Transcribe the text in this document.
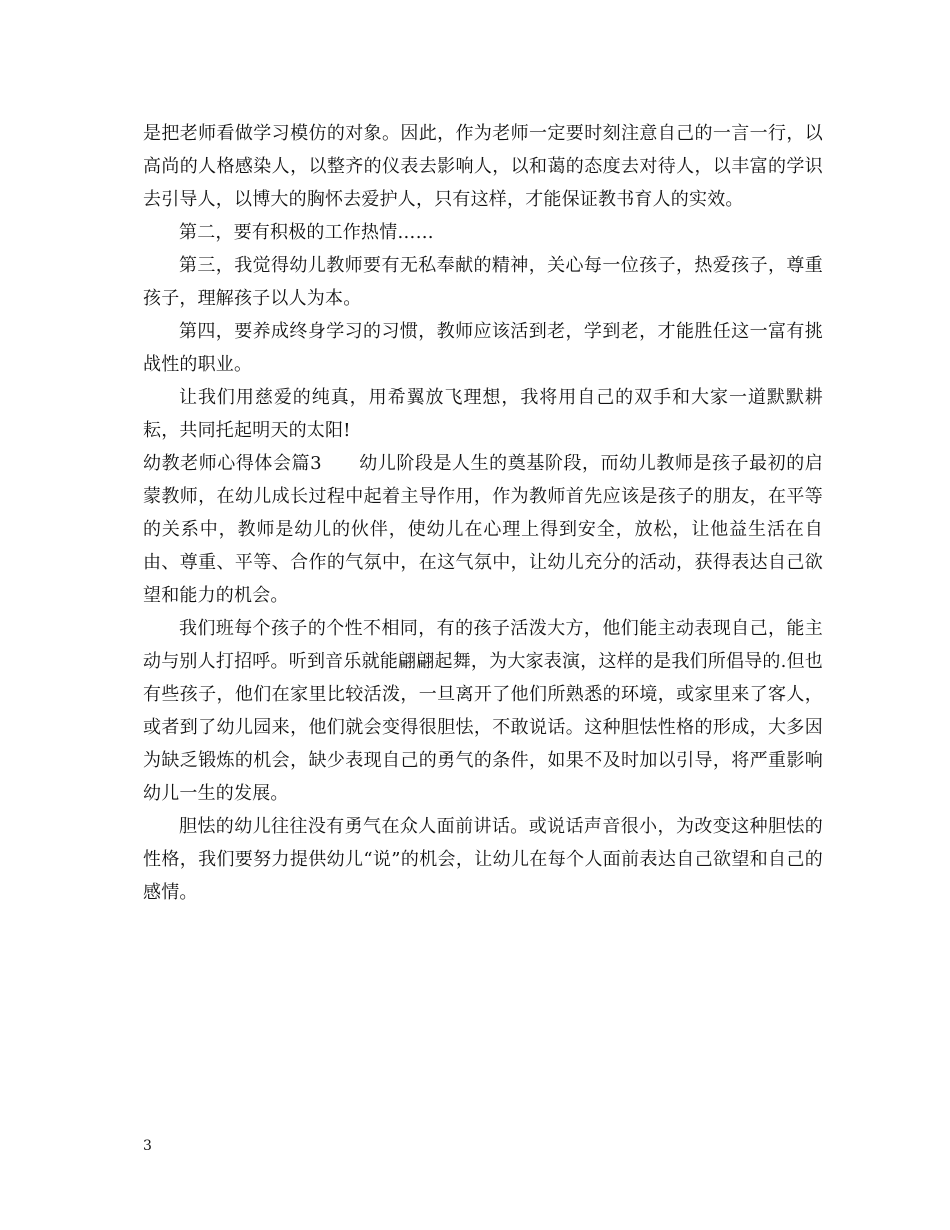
是把老师看做学习模仿的对象。因此，作为老师一定要时刻注意自己的一言一行，以高尚的人格感染人，以整齐的仪表去影响人，以和蔼的态度去对待人，以丰富的学识去引导人，以博大的胸怀去爱护人，只有这样，才能保证教书育人的实效。

第二，要有积极的工作热情……

第三，我觉得幼儿教师要有无私奉献的精神，关心每一位孩子，热爱孩子，尊重孩子，理解孩子以人为本。

第四，要养成终身学习的习惯，教师应该活到老，学到老，才能胜任这一富有挑战性的职业。

让我们用慈爱的纯真，用希翼放飞理想，我将用自己的双手和大家一道默默耕耘，共同托起明天的太阳!

幼教老师心得体会篇3　　幼儿阶段是人生的奠基阶段，而幼儿教师是孩子最初的启蒙教师，在幼儿成长过程中起着主导作用，作为教师首先应该是孩子的朋友，在平等的关系中，教师是幼儿的伙伴，使幼儿在心理上得到安全，放松，让他益生活在自由、尊重、平等、合作的气氛中，在这气氛中，让幼儿充分的活动，获得表达自己欲望和能力的机会。

我们班每个孩子的个性不相同，有的孩子活泼大方，他们能主动表现自己，能主动与别人打招呼。听到音乐就能翩翩起舞，为大家表演，这样的是我们所倡导的.但也有些孩子，他们在家里比较活泼，一旦离开了他们所熟悉的环境，或家里来了客人，或者到了幼儿园来，他们就会变得很胆怯，不敢说话。这种胆怯性格的形成，大多因为缺乏锻炼的机会，缺少表现自己的勇气的条件，如果不及时加以引导，将严重影响幼儿一生的发展。

胆怯的幼儿往往没有勇气在众人面前讲话。或说话声音很小，为改变这种胆怯的性格，我们要努力提供幼儿“说”的机会，让幼儿在每个人面前表达自己欲望和自己的感情。

3
